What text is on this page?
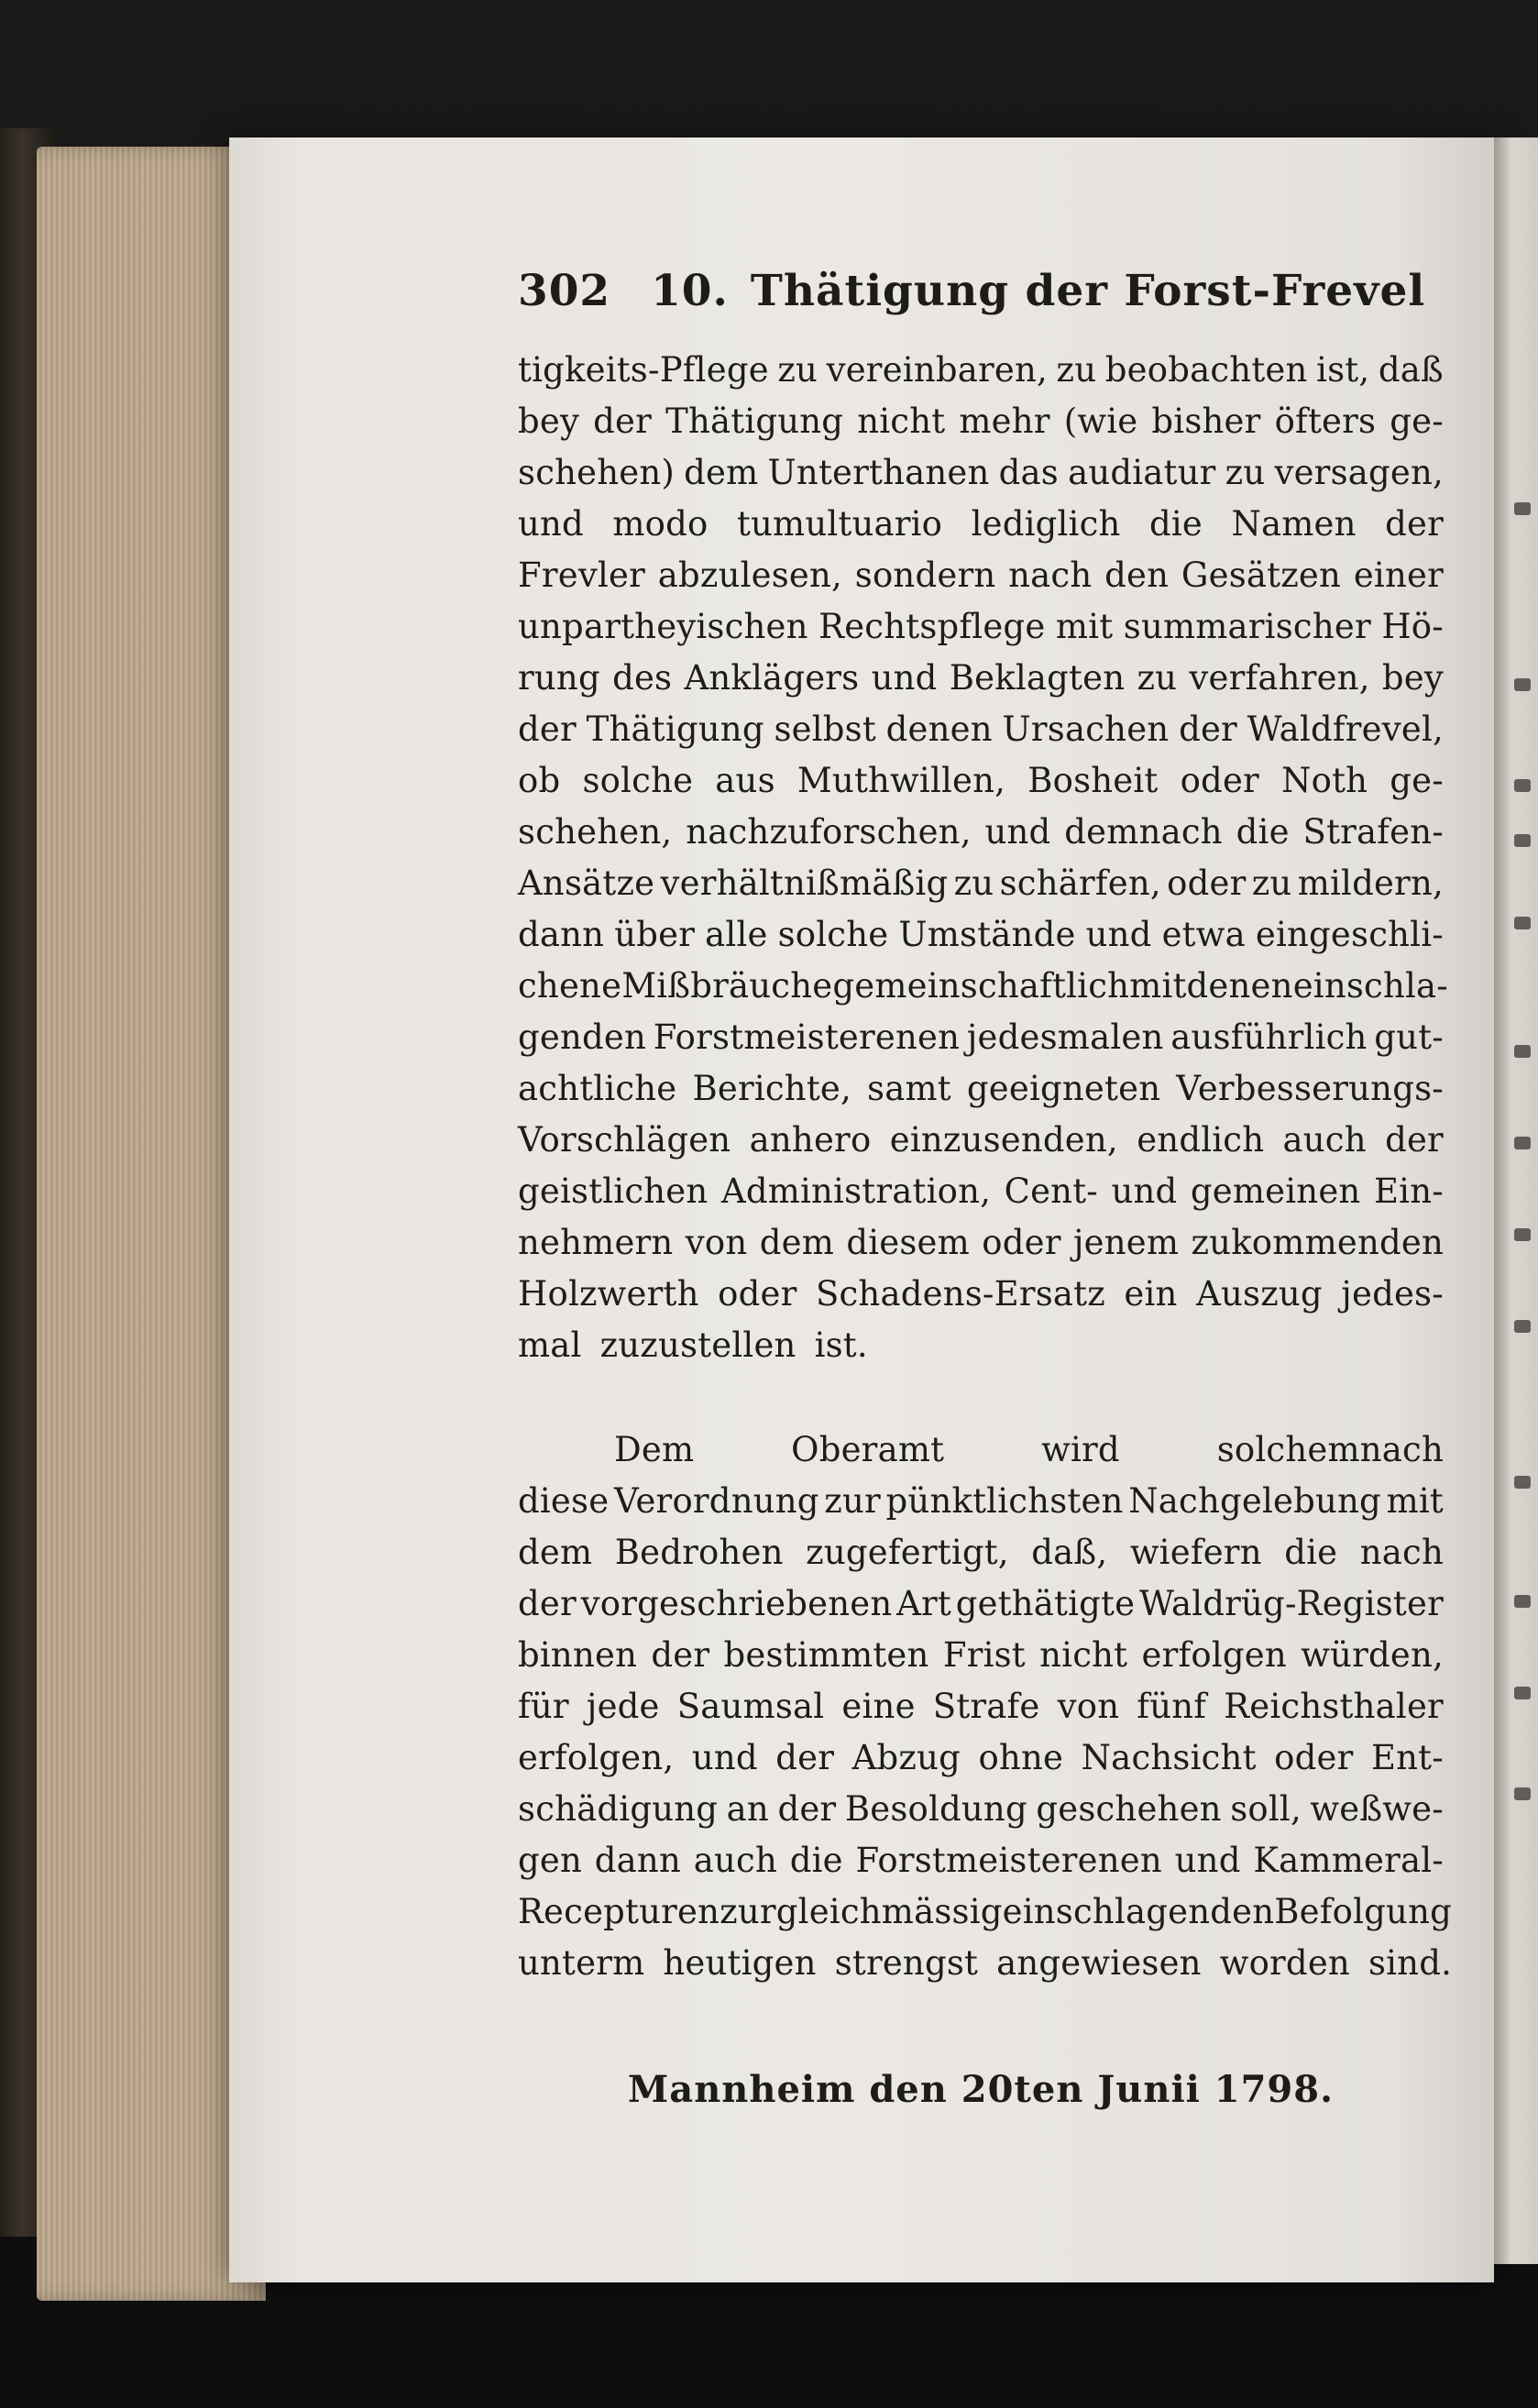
302 10. Thätigung der Forst-Frevel
tigkeits-Pflege zu vereinbaren, zu beobachten ist, daß
bey der Thätigung nicht mehr (wie bisher öfters ge-
schehen) dem Unterthanen das audiatur zu versagen,
und modo tumultuario lediglich die Namen der
Frevler abzulesen, sondern nach den Gesätzen einer
unpartheyischen Rechtspflege mit summarischer Hö-
rung des Anklägers und Beklagten zu verfahren, bey
der Thätigung selbst denen Ursachen der Waldfrevel,
ob solche aus Muthwillen, Bosheit oder Noth ge-
schehen, nachzuforschen, und demnach die Strafen-
Ansätze verhältnißmäßig zu schärfen, oder zu mildern,
dann über alle solche Umstände und etwa eingeschli-
chene Mißbräuche gemeinschaftlich mit denen einschla-
genden Forstmeisterenen jedesmalen ausführlich gut-
achtliche Berichte, samt geeigneten Verbesserungs-
Vorschlägen anhero einzusenden, endlich auch der
geistlichen Administration, Cent- und gemeinen Ein-
nehmern von dem diesem oder jenem zukommenden
Holzwerth oder Schadens-Ersatz ein Auszug jedes-
mal zuzustellen ist.
Dem	Oberamt	wird	solchemnach
diese Verordnung zur pünktlichsten Nachgelebung mit
dem Bedrohen zugefertigt, daß, wiefern die nach
der vorgeschriebenen Art gethätigte Waldrüg-Register
binnen der bestimmten Frist nicht erfolgen würden,
für jede Saumsal eine Strafe von fünf Reichsthaler
erfolgen, und der Abzug ohne Nachsicht oder Ent-
schädigung an der Besoldung geschehen soll, weßwe-
gen dann auch die Forstmeisterenen und Kammeral-
Recepturen zur gleichmässig einschlagenden Befolgung
unterm heutigen strengst angewiesen worden sind.
Mannheim den 20ten Junii 1798.
